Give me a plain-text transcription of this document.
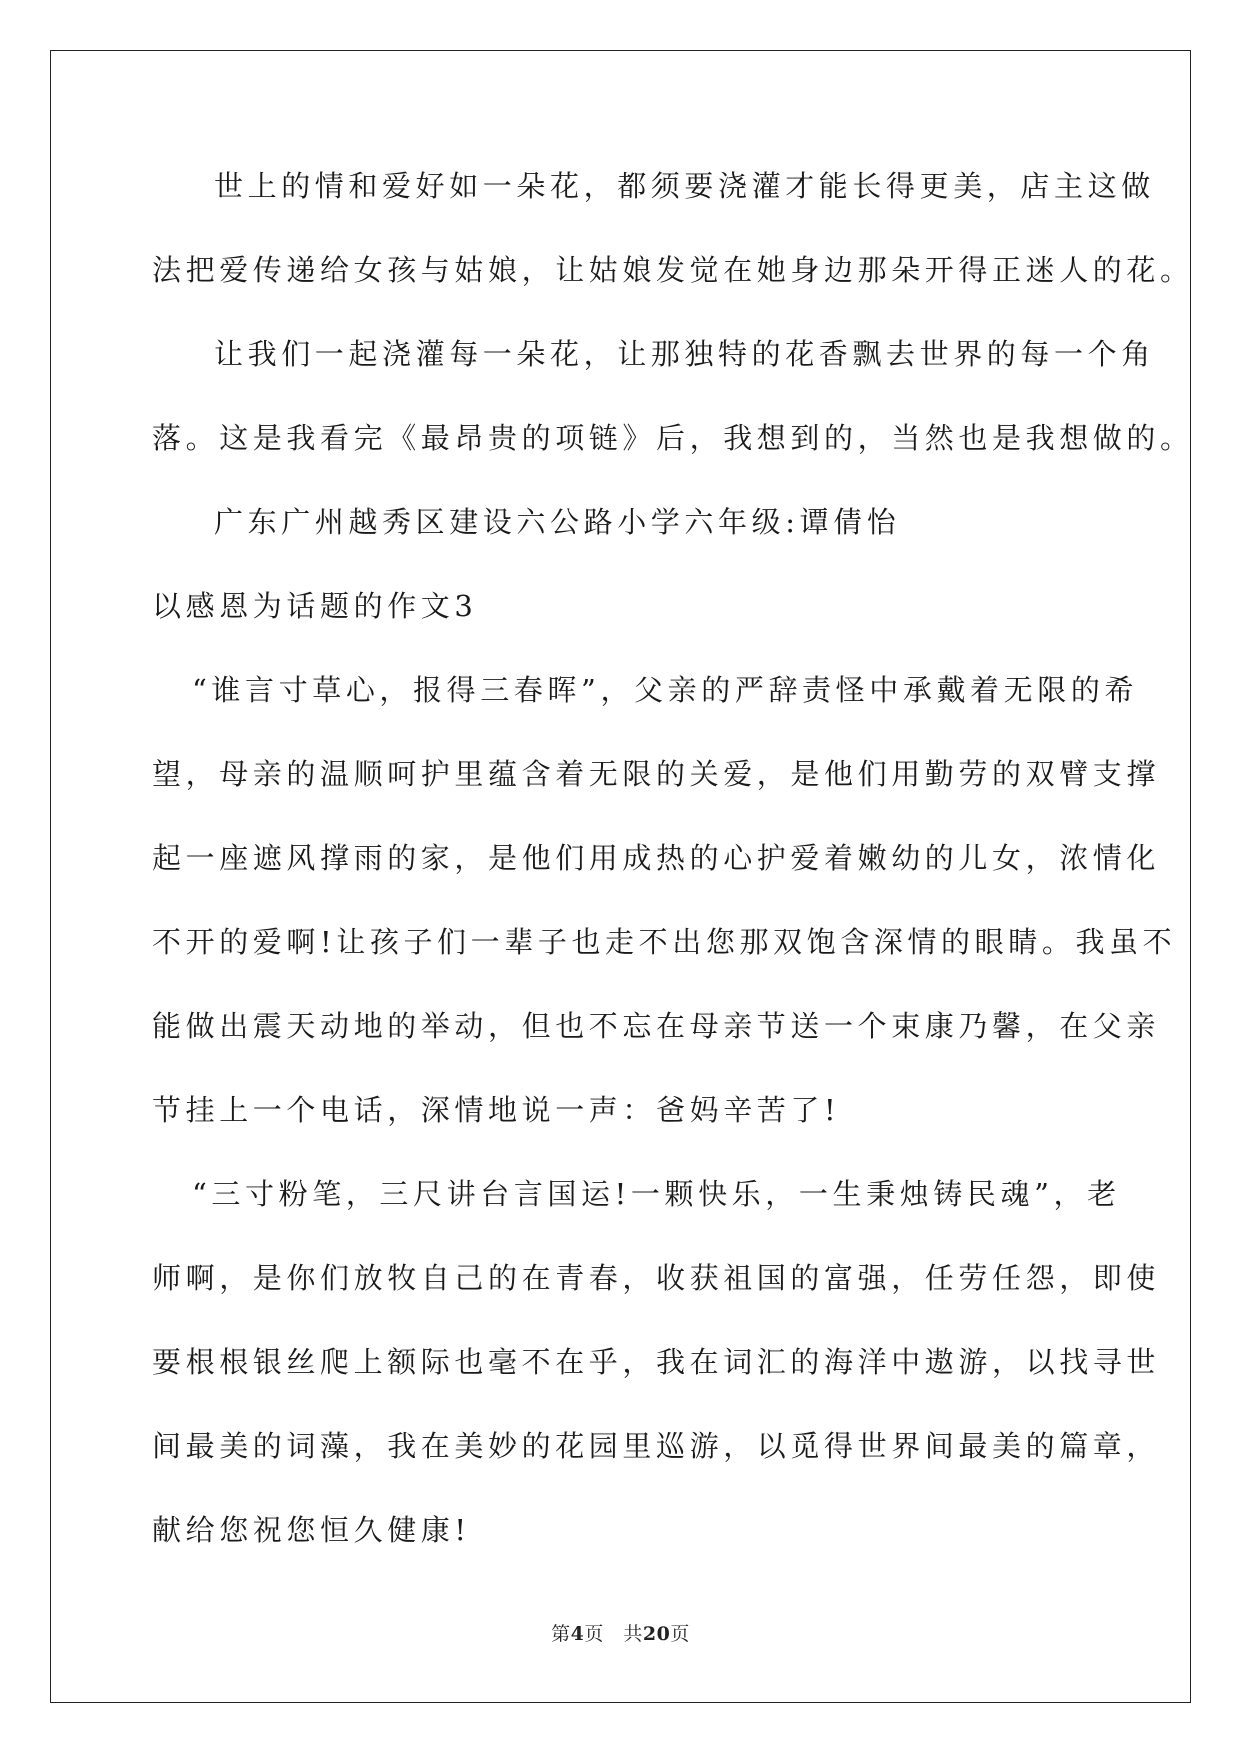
世上的情和爱好如一朵花，都须要浇灌才能长得更美，店主这做
法把爱传递给女孩与姑娘，让姑娘发觉在她身边那朵开得正迷人的花。
让我们一起浇灌每一朵花，让那独特的花香飘去世界的每一个角
落。这是我看完《最昂贵的项链》后，我想到的，当然也是我想做的。
广东广州越秀区建设六公路小学六年级:谭倩怡
以感恩为话题的作文3
“谁言寸草心，报得三春晖”，父亲的严辞责怪中承戴着无限的希
望，母亲的温顺呵护里蕴含着无限的关爱，是他们用勤劳的双臂支撑
起一座遮风撑雨的家，是他们用成热的心护爱着嫩幼的儿女，浓情化
不开的爱啊!让孩子们一辈子也走不出您那双饱含深情的眼睛。我虽不
能做出震天动地的举动，但也不忘在母亲节送一个束康乃馨，在父亲
节挂上一个电话，深情地说一声：爸妈辛苦了!
“三寸粉笔，三尺讲台言国运!一颗快乐，一生秉烛铸民魂”，老
师啊，是你们放牧自己的在青春，收获祖国的富强，任劳任怨，即使
要根根银丝爬上额际也毫不在乎，我在词汇的海洋中遨游，以找寻世
间最美的词藻，我在美妙的花园里巡游，以觅得世界间最美的篇章，
献给您祝您恒久健康!
第4页　共20页
